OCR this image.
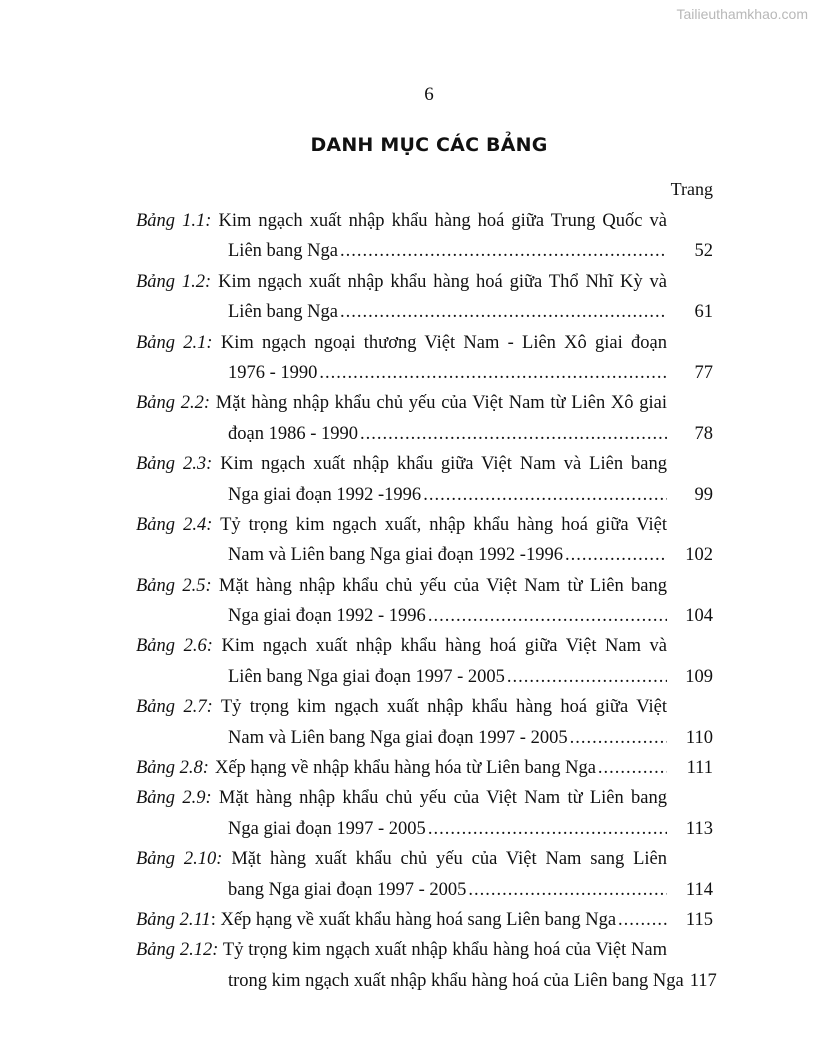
Tailieuthamkhao.com
6
DANH MỤC CÁC BẢNG
Trang
Bảng 1.1: Kim ngạch xuất nhập khẩu hàng hoá giữa Trung Quốc và
Liên bang Nga .....	52
Bảng 1.2: Kim ngạch xuất nhập khẩu hàng hoá giữa Thổ Nhĩ Kỳ và
Liên bang Nga .....	61
Bảng 2.1: Kim ngạch ngoại thương Việt Nam - Liên Xô giai đoạn
1976 - 1990 .....	77
Bảng 2.2: Mặt hàng nhập khẩu chủ yếu của Việt Nam từ Liên Xô giai
đoạn 1986 - 1990 .....	78
Bảng 2.3: Kim ngạch xuất nhập khẩu giữa Việt Nam và Liên bang
Nga giai đoạn 1992 -1996 .....	99
Bảng 2.4: Tỷ trọng kim ngạch xuất, nhập khẩu hàng hoá giữa Việt
Nam và Liên bang Nga giai đoạn 1992 -1996 .....	102
Bảng 2.5: Mặt hàng nhập khẩu chủ yếu của Việt Nam từ Liên bang
Nga giai đoạn 1992 - 1996 .....	104
Bảng 2.6: Kim ngạch xuất nhập khẩu hàng hoá giữa Việt Nam và
Liên bang Nga giai đoạn 1997 - 2005 .....	109
Bảng 2.7: Tỷ trọng kim ngạch xuất nhập khẩu hàng hoá giữa Việt
Nam và Liên bang Nga giai đoạn 1997 - 2005 .....	110
Bảng 2.8: Xếp hạng về nhập khẩu hàng hóa từ Liên bang Nga .....	111
Bảng 2.9: Mặt hàng nhập khẩu chủ yếu của Việt Nam từ Liên bang
Nga giai đoạn 1997 - 2005 .....	113
Bảng 2.10: Mặt hàng xuất khẩu chủ yếu của Việt Nam sang Liên
bang Nga giai đoạn 1997 - 2005 .....	114
Bảng 2.11 : Xếp hạng về xuất khẩu hàng hoá sang Liên bang Nga .....	115
Bảng 2.12: Tỷ trọng kim ngạch xuất nhập khẩu hàng hoá của Việt Nam
trong kim ngạch xuất nhập khẩu hàng hoá của Liên bang Nga 117
